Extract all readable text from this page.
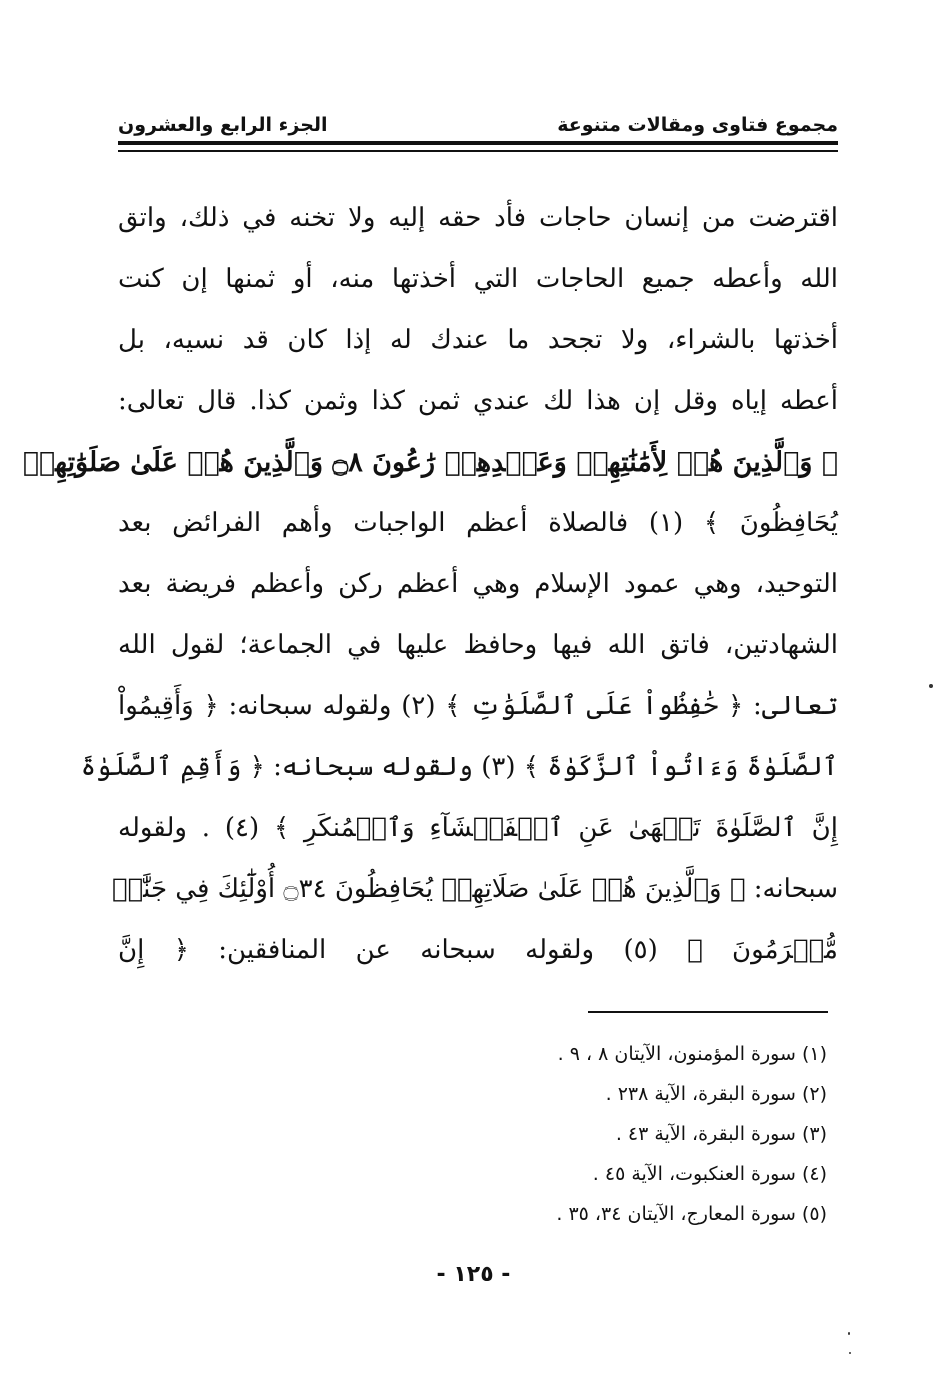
مجموع فتاوى ومقالات متنوعة
الجزء الرابع والعشرون
اقترضت من إنسان حاجات فأد حقه إليه ولا تخنه في ذلك، واتق
الله وأعطه جميع الحاجات التي أخذتها منه، أو ثمنها إن كنت
أخذتها بالشراء، ولا تجحد ما عندك له إذا كان قد نسيه، بل
أعطه إياه وقل إن هذا لك عندي ثمن كذا وثمن كذا. قال تعالى:
﴿ وَٱلَّذِينَ هُمۡ لِأَمَٰنَٰتِهِمۡ وَعَهۡدِهِمۡ رَٰعُونَ ۝٨ وَٱلَّذِينَ هُمۡ عَلَىٰ صَلَوَٰتِهِمۡ
يُحَافِظُونَ ﴾ (١) فالصلاة أعظم الواجبات وأهم الفرائض بعد
التوحيد، وهي عمود الإسلام وهي أعظم ركن وأعظم فريضة بعد
الشهادتين، فاتق الله فيها وحافظ عليها في الجماعة؛ لقول الله
تعالى: ﴿ حَٰفِظُواْ عَلَى ٱلصَّلَوَٰتِ ﴾ (٢) ولقوله سبحانه: ﴿ وَأَقِيمُواْ
ٱلصَّلَوٰةَ وَءَاتُواْ ٱلزَّكَوٰةَ ﴾ (٣) ولقوله سبحانه: ﴿ وَأَقِمِ ٱلصَّلَوٰةَ
إِنَّ ٱلصَّلَوٰةَ تَنۡهَىٰ عَنِ ٱلۡفَحۡشَآءِ وَٱلۡمُنكَرِ ﴾ (٤) . ولقوله
سبحانه: ﴿ وَٱلَّذِينَ هُمۡ عَلَىٰ صَلَاتِهِمۡ يُحَافِظُونَ ۝٣٤ أُوْلَٰٓئِكَ فِي جَنَّٰتٖ
مُّكۡرَمُونَ ﴾ (٥) ولقوله سبحانه عن المنافقين: ﴿ إِنَّ
(١) سورة المؤمنون، الآيتان ٨ ، ٩ .
(٢) سورة البقرة، الآية ٢٣٨ .
(٣) سورة البقرة، الآية ٤٣ .
(٤) سورة العنكبوت، الآية ٤٥ .
(٥) سورة المعارج، الآيتان ٣٤، ٣٥ .
- ١٢٥ -
